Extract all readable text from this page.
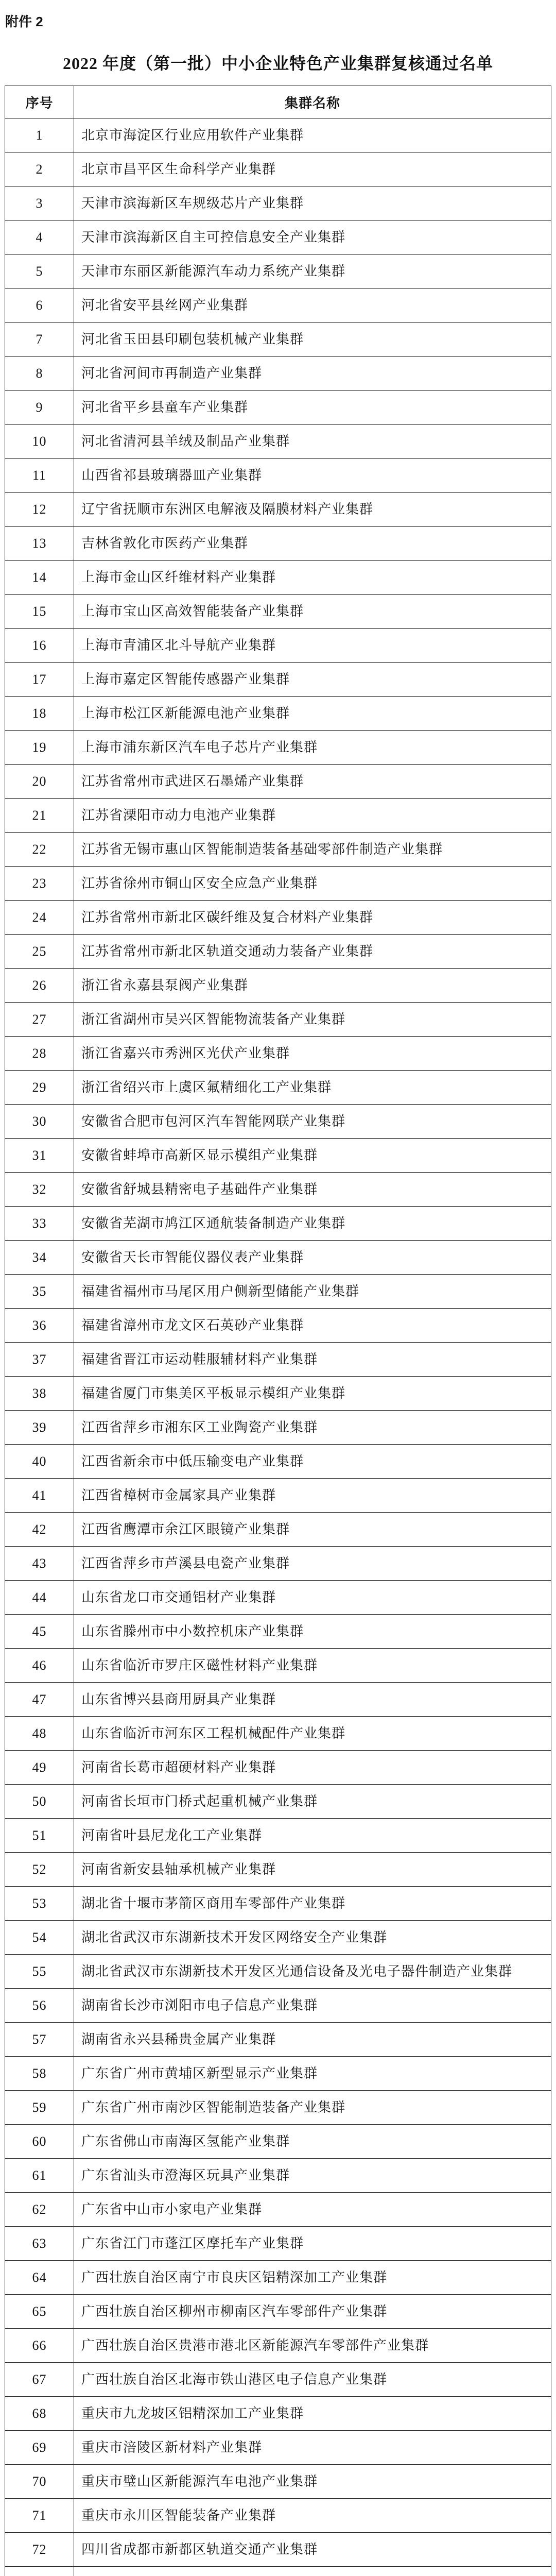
附件 2
2022 年度（第一批）中小企业特色产业集群复核通过名单
序号	集群名称
1	北京市海淀区行业应用软件产业集群
2	北京市昌平区生命科学产业集群
3	天津市滨海新区车规级芯片产业集群
4	天津市滨海新区自主可控信息安全产业集群
5	天津市东丽区新能源汽车动力系统产业集群
6	河北省安平县丝网产业集群
7	河北省玉田县印刷包装机械产业集群
8	河北省河间市再制造产业集群
9	河北省平乡县童车产业集群
10	河北省清河县羊绒及制品产业集群
11	山西省祁县玻璃器皿产业集群
12	辽宁省抚顺市东洲区电解液及隔膜材料产业集群
13	吉林省敦化市医药产业集群
14	上海市金山区纤维材料产业集群
15	上海市宝山区高效智能装备产业集群
16	上海市青浦区北斗导航产业集群
17	上海市嘉定区智能传感器产业集群
18	上海市松江区新能源电池产业集群
19	上海市浦东新区汽车电子芯片产业集群
20	江苏省常州市武进区石墨烯产业集群
21	江苏省溧阳市动力电池产业集群
22	江苏省无锡市惠山区智能制造装备基础零部件制造产业集群
23	江苏省徐州市铜山区安全应急产业集群
24	江苏省常州市新北区碳纤维及复合材料产业集群
25	江苏省常州市新北区轨道交通动力装备产业集群
26	浙江省永嘉县泵阀产业集群
27	浙江省湖州市吴兴区智能物流装备产业集群
28	浙江省嘉兴市秀洲区光伏产业集群
29	浙江省绍兴市上虞区氟精细化工产业集群
30	安徽省合肥市包河区汽车智能网联产业集群
31	安徽省蚌埠市高新区显示模组产业集群
32	安徽省舒城县精密电子基础件产业集群
33	安徽省芜湖市鸠江区通航装备制造产业集群
34	安徽省天长市智能仪器仪表产业集群
35	福建省福州市马尾区用户侧新型储能产业集群
36	福建省漳州市龙文区石英砂产业集群
37	福建省晋江市运动鞋服辅材料产业集群
38	福建省厦门市集美区平板显示模组产业集群
39	江西省萍乡市湘东区工业陶瓷产业集群
40	江西省新余市中低压输变电产业集群
41	江西省樟树市金属家具产业集群
42	江西省鹰潭市余江区眼镜产业集群
43	江西省萍乡市芦溪县电瓷产业集群
44	山东省龙口市交通铝材产业集群
45	山东省滕州市中小数控机床产业集群
46	山东省临沂市罗庄区磁性材料产业集群
47	山东省博兴县商用厨具产业集群
48	山东省临沂市河东区工程机械配件产业集群
49	河南省长葛市超硬材料产业集群
50	河南省长垣市门桥式起重机械产业集群
51	河南省叶县尼龙化工产业集群
52	河南省新安县轴承机械产业集群
53	湖北省十堰市茅箭区商用车零部件产业集群
54	湖北省武汉市东湖新技术开发区网络安全产业集群
55	湖北省武汉市东湖新技术开发区光通信设备及光电子器件制造产业集群
56	湖南省长沙市浏阳市电子信息产业集群
57	湖南省永兴县稀贵金属产业集群
58	广东省广州市黄埔区新型显示产业集群
59	广东省广州市南沙区智能制造装备产业集群
60	广东省佛山市南海区氢能产业集群
61	广东省汕头市澄海区玩具产业集群
62	广东省中山市小家电产业集群
63	广东省江门市蓬江区摩托车产业集群
64	广西壮族自治区南宁市良庆区铝精深加工产业集群
65	广西壮族自治区柳州市柳南区汽车零部件产业集群
66	广西壮族自治区贵港市港北区新能源汽车零部件产业集群
67	广西壮族自治区北海市铁山港区电子信息产业集群
68	重庆市九龙坡区铝精深加工产业集群
69	重庆市涪陵区新材料产业集群
70	重庆市璧山区新能源汽车电池产业集群
71	重庆市永川区智能装备产业集群
72	四川省成都市新都区轨道交通产业集群
